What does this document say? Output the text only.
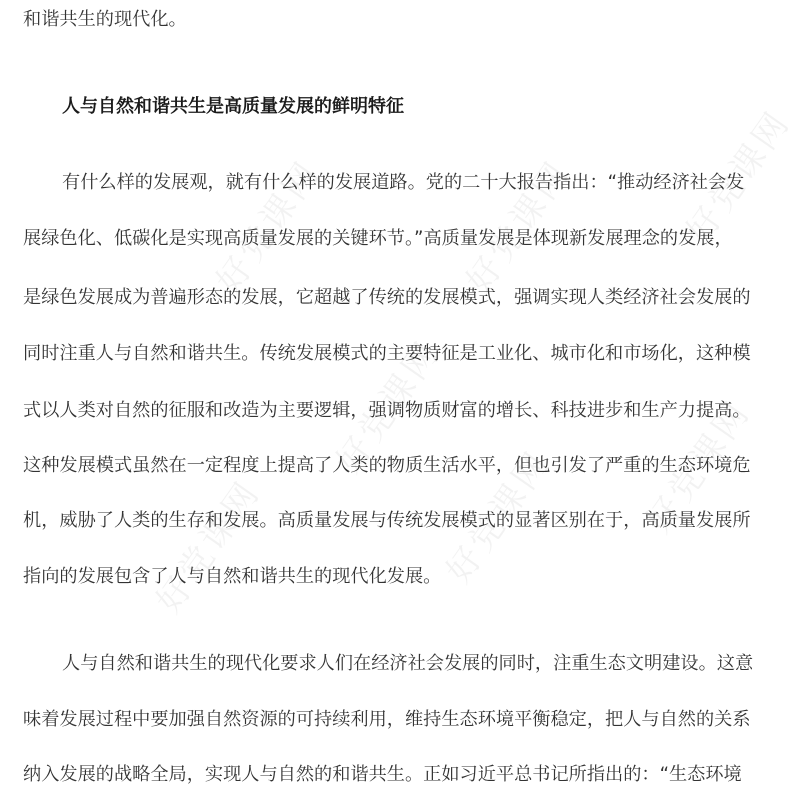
好党课网	好党课网	好党课网
好党课网
好党课网	好党课网 好党课网
和谐共生的现代化。
人与自然和谐共生是高质量发展的鲜明特征
有什么样的发展观，就有什么样的发展道路。党的二十大报告指出：“推动经济社会发
展绿色化、低碳化是实现高质量发展的关键环节。”高质量发展是体现新发展理念的发展，
是绿色发展成为普遍形态的发展，它超越了传统的发展模式，强调实现人类经济社会发展的
同时注重人与自然和谐共生。传统发展模式的主要特征是工业化、城市化和市场化，这种模
式以人类对自然的征服和改造为主要逻辑，强调物质财富的增长、科技进步和生产力提高。
这种发展模式虽然在一定程度上提高了人类的物质生活水平，但也引发了严重的生态环境危
机，威胁了人类的生存和发展。高质量发展与传统发展模式的显著区别在于，高质量发展所
指向的发展包含了人与自然和谐共生的现代化发展。
人与自然和谐共生的现代化要求人们在经济社会发展的同时，注重生态文明建设。这意
味着发展过程中要加强自然资源的可持续利用，维持生态环境平衡稳定，把人与自然的关系
纳入发展的战略全局，实现人与自然的和谐共生。正如习近平总书记所指出的：“生态环境
